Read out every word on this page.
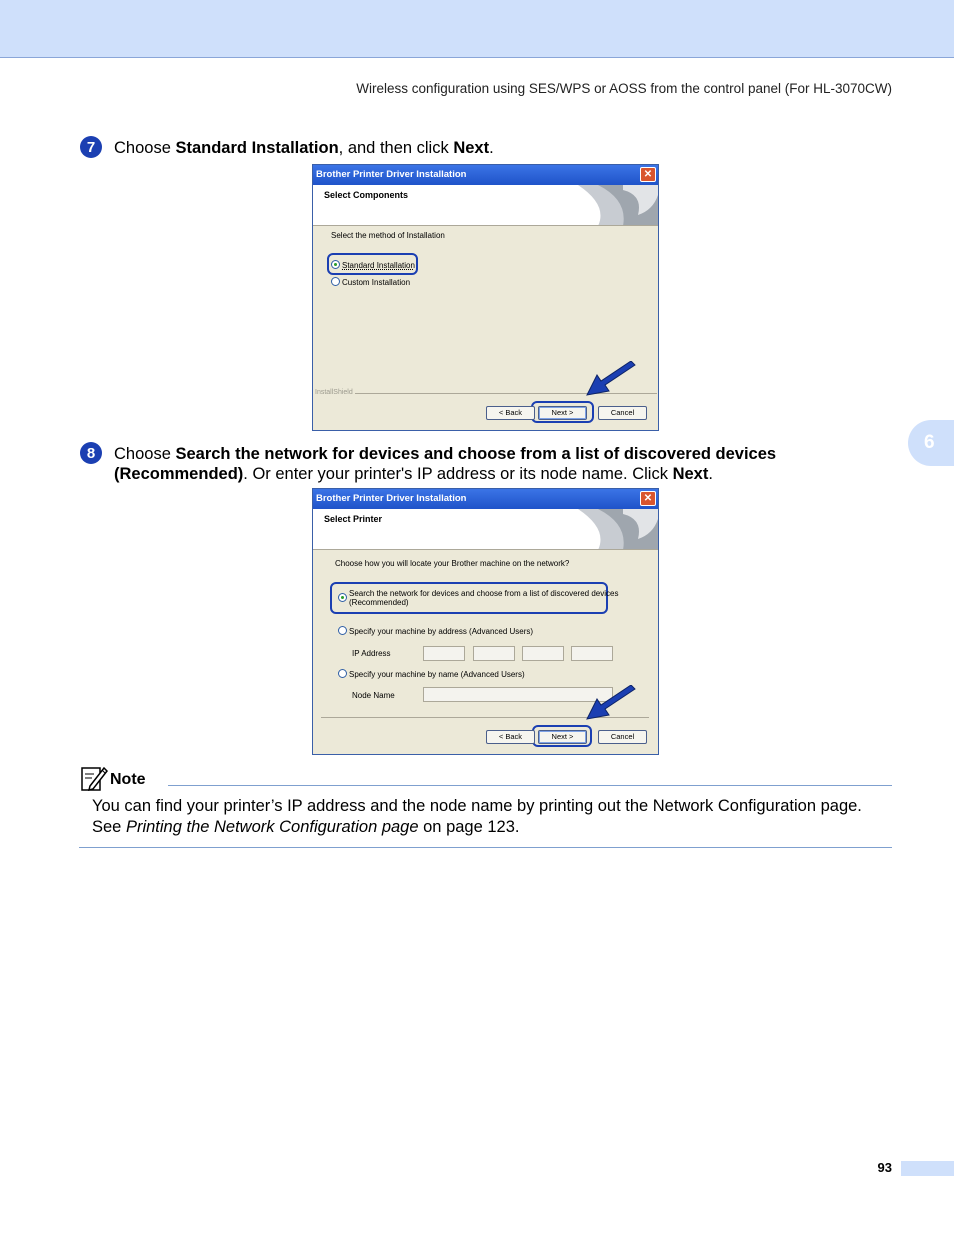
Wireless configuration using SES/WPS or AOSS from the control panel (For HL-3070CW)
6
7	Choose Standard Installation, and then click Next.
Brother Printer Driver Installation	✕
Select Components
Select the method of Installation
Standard Installation
Custom Installation
InstallShield
< Back	Next >	Cancel
8	Choose Search the network for devices and choose from a list of discovered devices
(Recommended). Or enter your printer's IP address or its node name. Click Next.
Brother Printer Driver Installation	✕
Select Printer
Choose how you will locate your Brother machine on the network?
Search the network for devices and choose from a list of discovered devices
(Recommended)
Specify your machine by address (Advanced Users)
IP Address
Specify your machine by name (Advanced Users)
Node Name
< Back	Next >	Cancel
Note
You can find your printer’s IP address and the node name by printing out the Network Configuration page.
See Printing the Network Configuration page on page 123.
93
